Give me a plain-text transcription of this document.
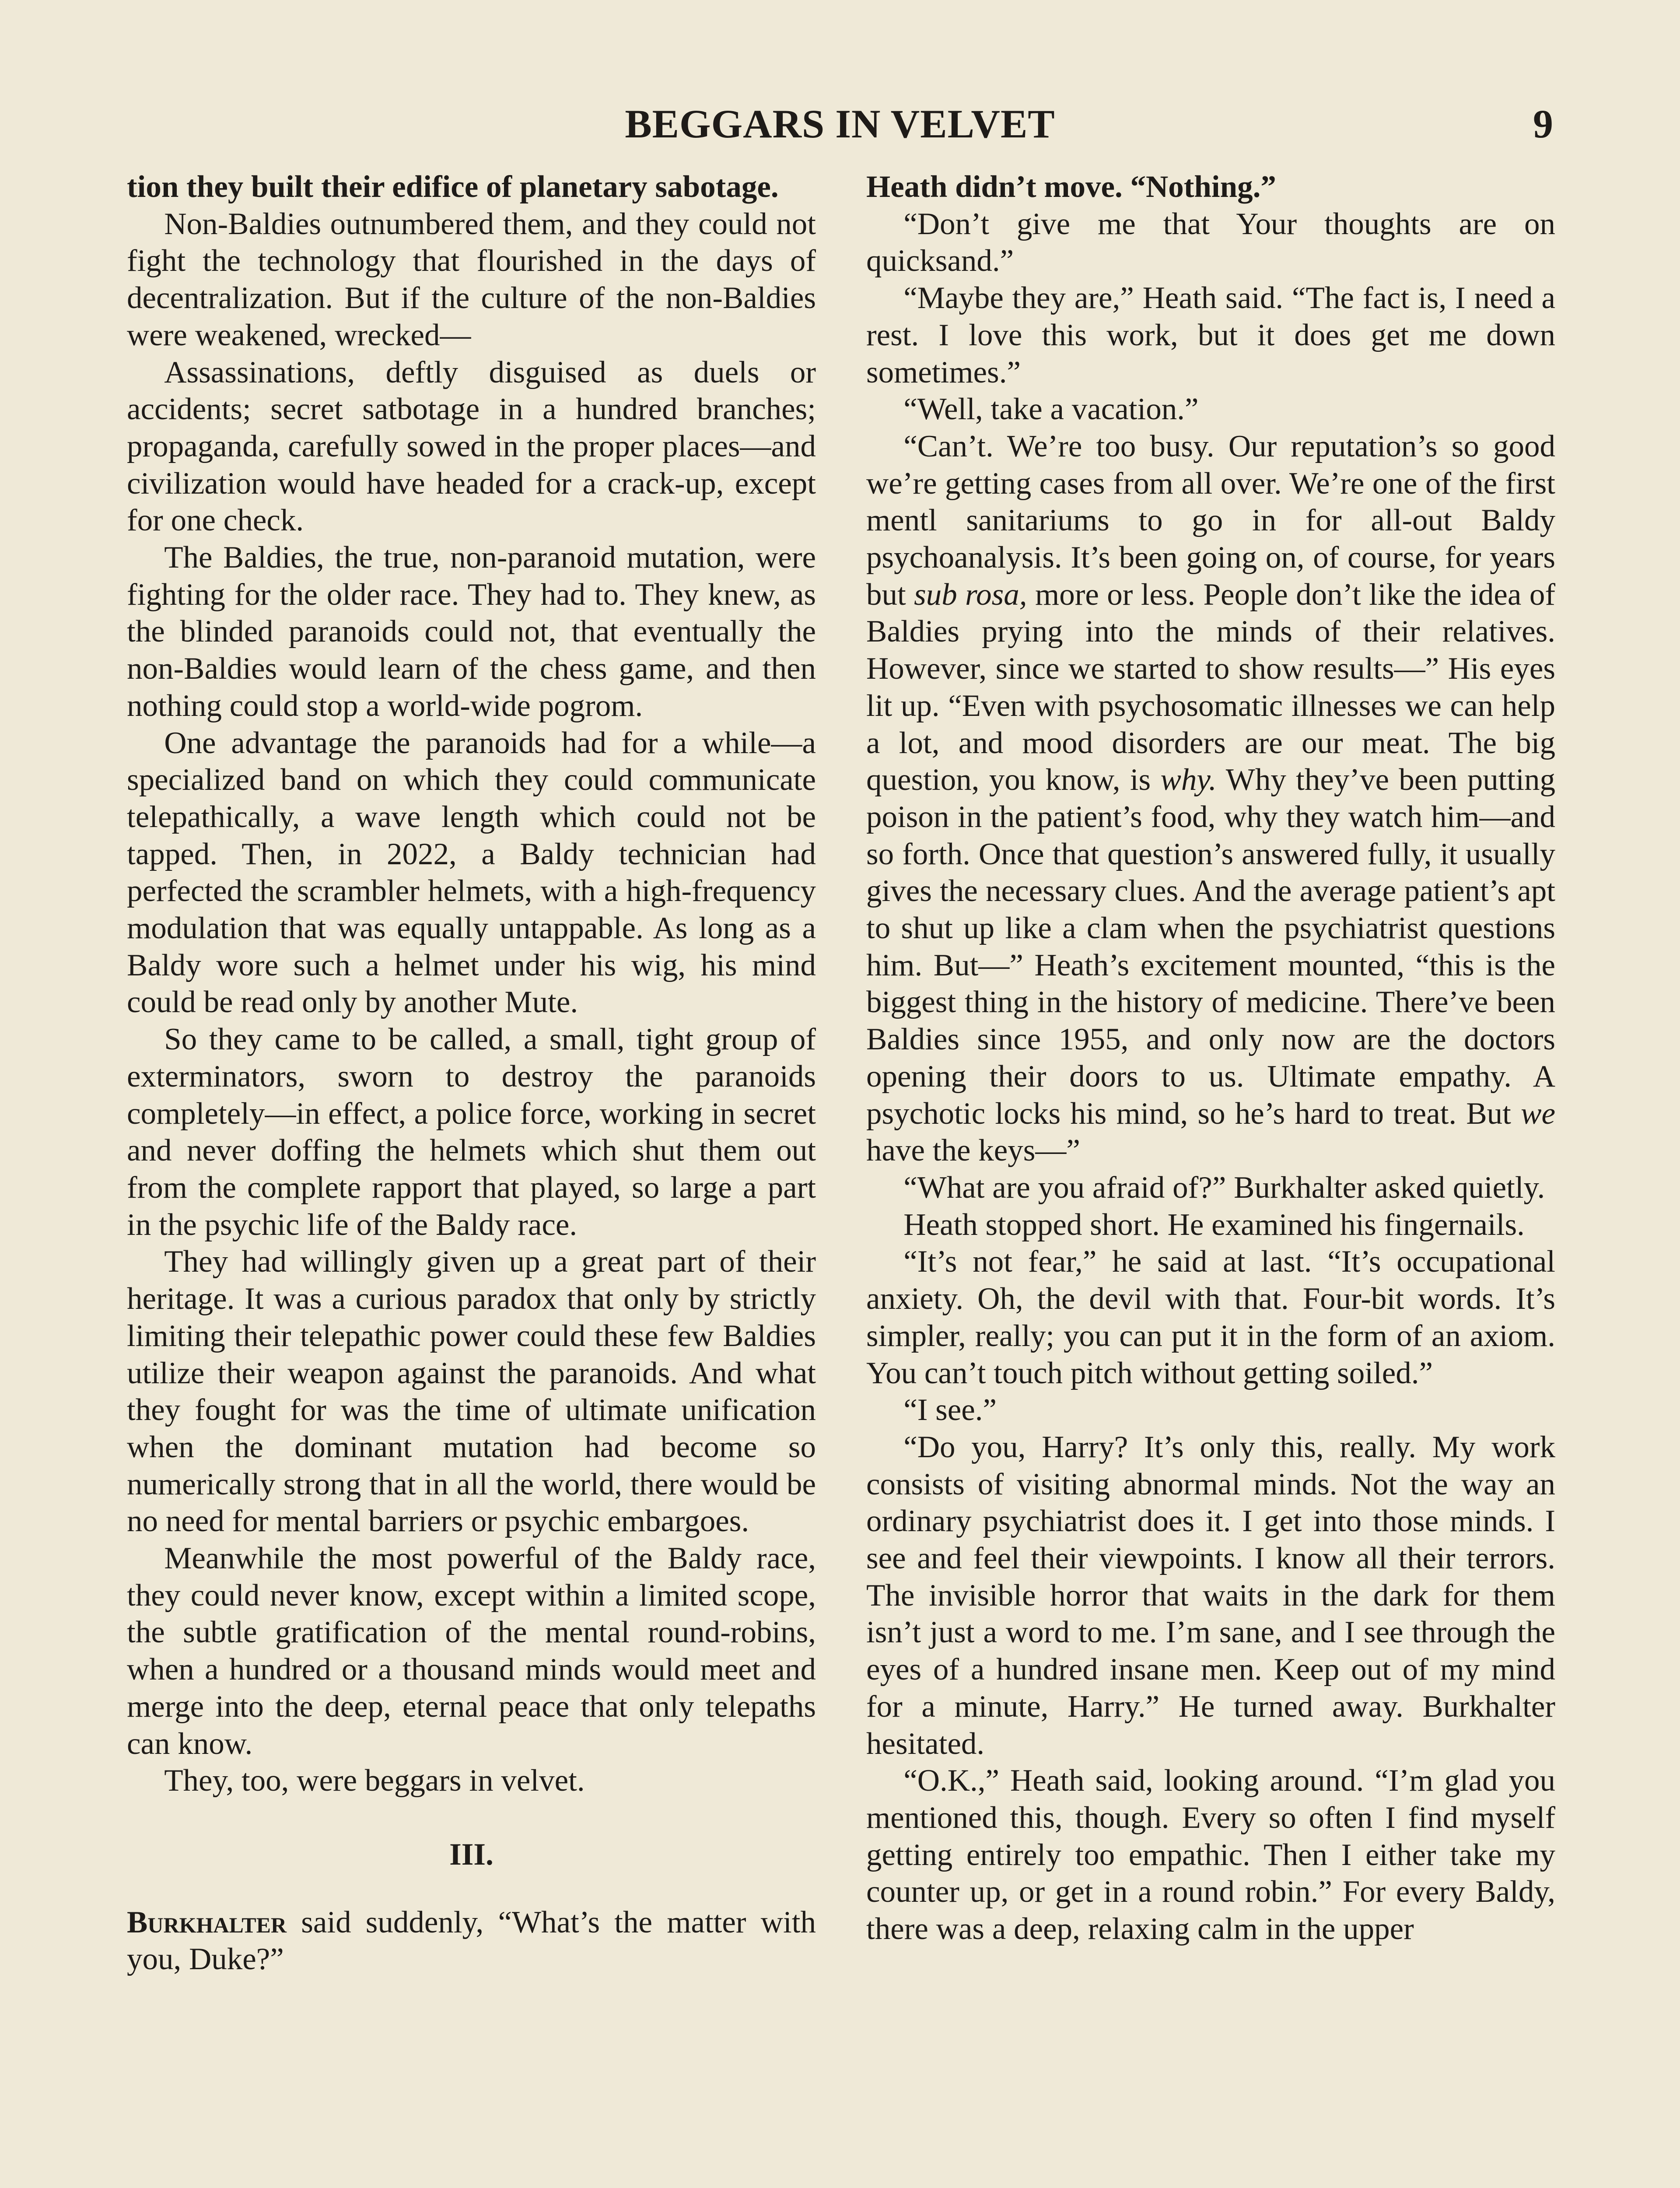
BEGGARS IN VELVET	9

tion they built their edifice of planetary sabotage.

Non-Baldies outnumbered them, and they could not fight the technology that flourished in the days of decentralization. But if the culture of the non-Baldies were weakened, wrecked—

Assassinations, deftly disguised as duels or accidents; secret satbotage in a hundred branches; propaganda, carefully sowed in the proper places—and civilization would have headed for a crack-up, except for one check.

The Baldies, the true, non-paranoid mutation, were fighting for the older race. They had to. They knew, as the blinded paranoids could not, that eventually the non-Baldies would learn of the chess game, and then nothing could stop a world-wide pogrom.

One advantage the paranoids had for a while—a specialized band on which they could communicate telepathically, a wave length which could not be tapped. Then, in 2022, a Baldy technician had perfected the scrambler helmets, with a high-frequency modulation that was equally untappable. As long as a Baldy wore such a helmet under his wig, his mind could be read only by another Mute.

So they came to be called, a small, tight group of exterminators, sworn to destroy the paranoids completely—in effect, a police force, working in secret and never doffing the helmets which shut them out from the complete rapport that played, so large a part in the psychic life of the Baldy race.

They had willingly given up a great part of their heritage. It was a curious paradox that only by strictly limiting their telepathic power could these few Baldies utilize their weapon against the paranoids. And what they fought for was the time of ultimate unification when the dominant mutation had become so numerically strong that in all the world, there would be no need for mental barriers or psychic embargoes.

Meanwhile the most powerful of the Baldy race, they could never know, except within a limited scope, the subtle gratification of the mental round-robins, when a hundred or a thousand minds would meet and merge into the deep, eternal peace that only telepaths can know.

They, too, were beggars in velvet.

III.

Burkhalter said suddenly, “What’s the matter with you, Duke?”

Heath didn’t move. “Nothing.”

“Don’t give me that Your thoughts are on quicksand.”

“Maybe they are,” Heath said. “The fact is, I need a rest. I love this work, but it does get me down sometimes.”

“Well, take a vacation.”

“Can’t. We’re too busy. Our reputation’s so good we’re getting cases from all over. We’re one of the first mentl sanitariums to go in for all-out Baldy psychoanalysis. It’s been going on, of course, for years but sub rosa, more or less. People don’t like the idea of Baldies prying into the minds of their relatives. However, since we started to show results—” His eyes lit up. “Even with psychosomatic illnesses we can help a lot, and mood disorders are our meat. The big question, you know, is why. Why they’ve been putting poison in the patient’s food, why they watch him—and so forth. Once that question’s answered fully, it usually gives the necessary clues. And the average patient’s apt to shut up like a clam when the psychiatrist questions him. But—” Heath’s excitement mounted, “this is the biggest thing in the history of medicine. There’ve been Baldies since 1955, and only now are the doctors opening their doors to us. Ultimate empathy. A psychotic locks his mind, so he’s hard to treat. But we have the keys—”

“What are you afraid of?” Burkhalter asked quietly.

Heath stopped short. He examined his fingernails.

“It’s not fear,” he said at last. “It’s occupational anxiety. Oh, the devil with that. Four-bit words. It’s simpler, really; you can put it in the form of an axiom. You can’t touch pitch without getting soiled.”

“I see.”

“Do you, Harry? It’s only this, really. My work consists of visiting abnormal minds. Not the way an ordinary psychiatrist does it. I get into those minds. I see and feel their viewpoints. I know all their terrors. The invisible horror that waits in the dark for them isn’t just a word to me. I’m sane, and I see through the eyes of a hundred insane men. Keep out of my mind for a minute, Harry.” He turned away. Burkhalter hesitated.

“O.K.,” Heath said, looking around. “I’m glad you mentioned this, though. Every so often I find myself getting entirely too empathic. Then I either take my counter up, or get in a round robin.” For every Baldy, there was a deep, relaxing calm in the upper
